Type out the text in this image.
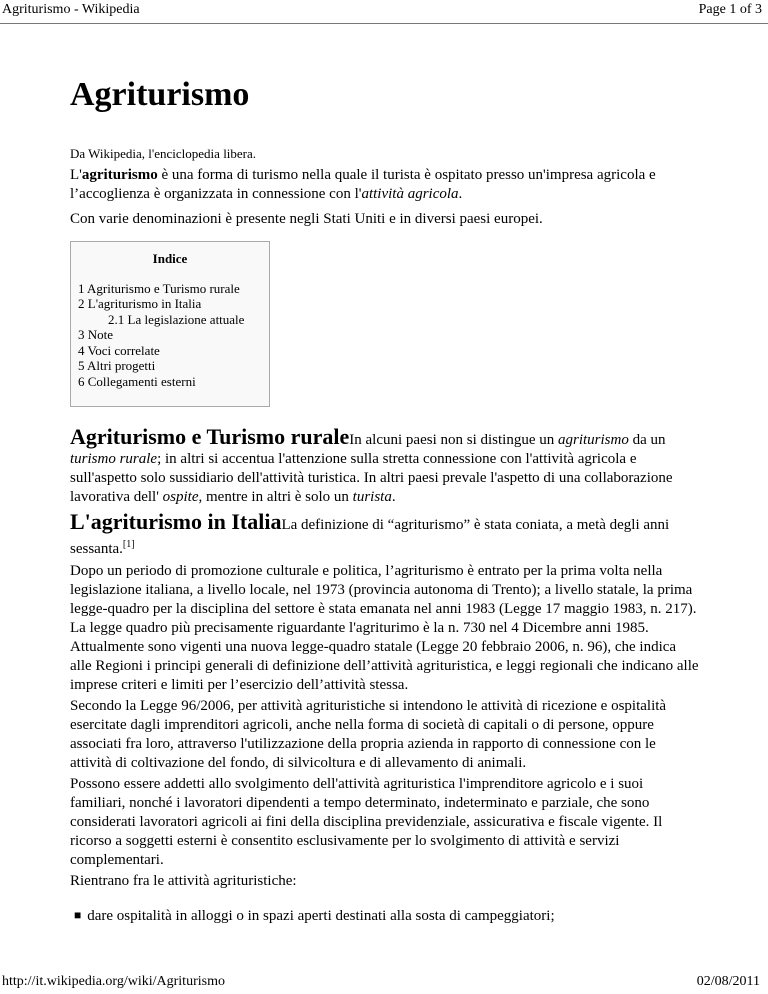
Agriturismo - Wikipedia	Page 1 of 3
Agriturismo
Da Wikipedia, l'enciclopedia libera.
L'agriturismo è una forma di turismo nella quale il turista è ospitato presso un'impresa agricola e l’accoglienza è organizzata in connessione con l'attività agricola.
Con varie denominazioni è presente negli Stati Uniti e in diversi paesi europei.
Indice
1 Agriturismo e Turismo rurale
2 L'agriturismo in Italia
2.1 La legislazione attuale
3 Note
4 Voci correlate
5 Altri progetti
6 Collegamenti esterni
Agriturismo e Turismo ruraleIn alcuni paesi non si distingue un agriturismo da un turismo rurale; in altri si accentua l'attenzione sulla stretta connessione con l'attività agricola e sull'aspetto solo sussidiario dell'attività turistica. In altri paesi prevale l'aspetto di una collaborazione lavorativa dell' ospite, mentre in altri è solo un turista.
L'agriturismo in ItaliaLa definizione di “agriturismo” è stata coniata, a metà degli anni sessanta.[1]
Dopo un periodo di promozione culturale e politica, l’agriturismo è entrato per la prima volta nella legislazione italiana, a livello locale, nel 1973 (provincia autonoma di Trento); a livello statale, la prima legge-quadro per la disciplina del settore è stata emanata nel anni 1983 (Legge 17 maggio 1983, n. 217). La legge quadro più precisamente riguardante l'agriturimo è la n. 730 nel 4 Dicembre anni 1985. Attualmente sono vigenti una nuova legge-quadro statale (Legge 20 febbraio 2006, n. 96), che indica alle Regioni i principi generali di definizione dell’attività agrituristica, e leggi regionali che indicano alle imprese criteri e limiti per l’esercizio dell’attività stessa.
Secondo la Legge 96/2006, per attività agrituristiche si intendono le attività di ricezione e ospitalità esercitate dagli imprenditori agricoli, anche nella forma di società di capitali o di persone, oppure associati fra loro, attraverso l'utilizzazione della propria azienda in rapporto di connessione con le attività di coltivazione del fondo, di silvicoltura e di allevamento di animali.
Possono essere addetti allo svolgimento dell'attività agrituristica l'imprenditore agricolo e i suoi familiari, nonché i lavoratori dipendenti a tempo determinato, indeterminato e parziale, che sono considerati lavoratori agricoli ai fini della disciplina previdenziale, assicurativa e fiscale vigente. Il ricorso a soggetti esterni è consentito esclusivamente per lo svolgimento di attività e servizi complementari.
Rientrano fra le attività agrituristiche:
■ dare ospitalità in alloggi o in spazi aperti destinati alla sosta di campeggiatori;
http://it.wikipedia.org/wiki/Agriturismo	02/08/2011
